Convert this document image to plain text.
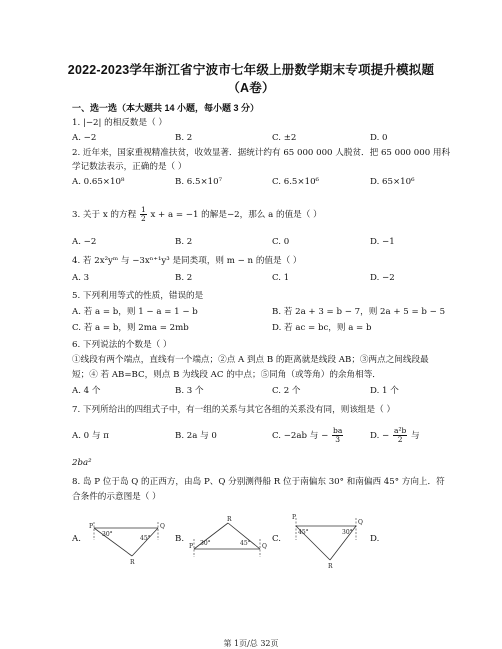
2022-2023学年浙江省宁波市七年级上册数学期末专项提升模拟题
（A卷）
一、选一选（本大题共 14 小题，每小题 3 分）
1. |−2| 的相反数是（ ）
A. −2	B. 2	C. ±2	D. 0
2. 近年来，国家重视精准扶贫，收效显著．据统计约有 65 000 000 人脱贫．把 65 000 000 用科
学记数法表示，正确的是（ ）
A. 0.65×10⁸	B. 6.5×10⁷	C. 6.5×10⁶	D. 65×10⁶
3. 关于 x 的方程 $\frac{1}{2}$ x + a = −1 的解是−2，那么 a 的值是（ ）
A. −2	B. 2	C. 0	D. −1
4. 若 2x²yᵐ 与 −3xⁿ⁺¹y³ 是同类项，则 m − n 的值是（ ）
A. 3	B. 2	C. 1	D. −2
5. 下列利用等式的性质，错误的是
A. 若 a = b，则 1 − a = 1 − b	B. 若 2a + 3 = b − 7，则 2a + 5 = b − 5
C. 若 a = b，则 2ma = 2mb	D. 若 ac = bc，则 a = b
6. 下列说法的个数是（ ）
①线段有两个端点，直线有一个端点；②点 A 到点 B 的距离就是线段 AB；③两点之间线段最
短；④ 若 AB=BC，则点 B 为线段 AC 的中点；⑤同角（或等角）的余角相等．
A. 4 个	B. 3 个	C. 2 个	D. 1 个
7. 下列所给出的四组式子中，有一组的关系与其它各组的关系没有同，则该组是（ ）
A. 0 与 π	B. 2a 与 0	C. −2ab 与 − $\frac{ba}{3}$	D. − $\frac{\text{a²b}}{2}$ 与
2ba²
8. 岛 P 位于岛 Q 的正西方，由岛 P、Q 分别测得船 R 位于南偏东 30° 和南偏西 45° 方向上．符
合条件的示意图是（ ）
A.	B.	C.	D.
P	Q
R
30°
45°
P	Q
R
30°	45°
P
Q
R
45°	30°
第 1页/总 32页
